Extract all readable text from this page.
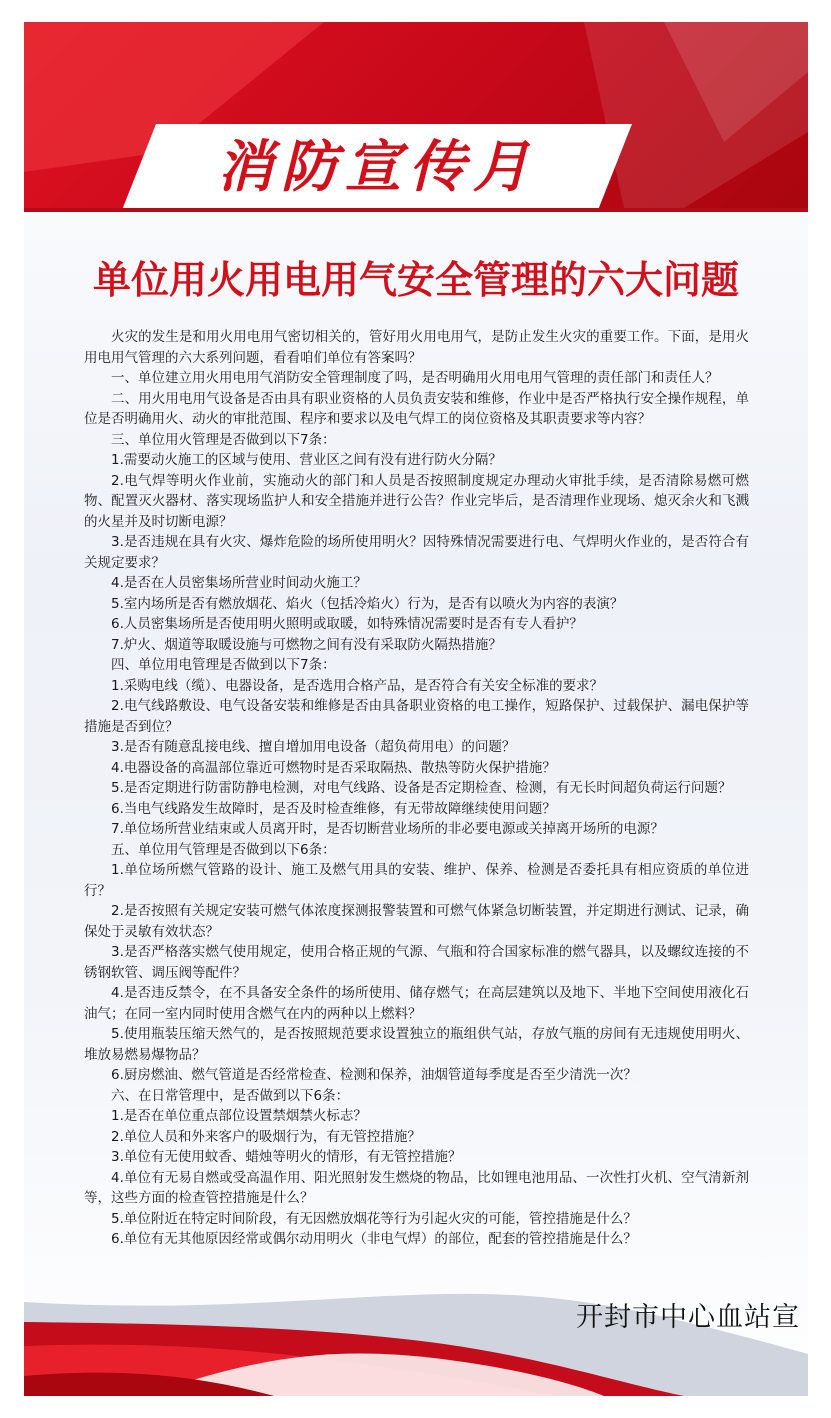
消防宣传月
单位用火用电用气安全管理的六大问题

火灾的发生是和用火用电用气密切相关的，管好用火用电用气，是防止发生火灾的重要工作。下面，是用火用电用气管理的六大系列问题，看看咱们单位有答案吗？

一、单位建立用火用电用气消防安全管理制度了吗，是否明确用火用电用气管理的责任部门和责任人？

二、用火用电用气设备是否由具有职业资格的人员负责安装和维修，作业中是否严格执行安全操作规程，单位是否明确用火、动火的审批范围、程序和要求以及电气焊工的岗位资格及其职责要求等内容？

三、单位用火管理是否做到以下7条：

1.需要动火施工的区域与使用、营业区之间有没有进行防火分隔？

2.电气焊等明火作业前，实施动火的部门和人员是否按照制度规定办理动火审批手续，是否清除易燃可燃物、配置灭火器材、落实现场监护人和安全措施并进行公告？作业完毕后，是否清理作业现场、熄灭余火和飞溅的火星并及时切断电源？

3.是否违规在具有火灾、爆炸危险的场所使用明火？因特殊情况需要进行电、气焊明火作业的，是否符合有关规定要求？

4.是否在人员密集场所营业时间动火施工？

5.室内场所是否有燃放烟花、焰火（包括冷焰火）行为，是否有以喷火为内容的表演？

6.人员密集场所是否使用明火照明或取暖，如特殊情况需要时是否有专人看护？

7.炉火、烟道等取暖设施与可燃物之间有没有采取防火隔热措施？

四、单位用电管理是否做到以下7条：

1.采购电线（缆）、电器设备，是否选用合格产品，是否符合有关安全标准的要求？

2.电气线路敷设、电气设备安装和维修是否由具备职业资格的电工操作，短路保护、过载保护、漏电保护等措施是否到位？

3.是否有随意乱接电线、擅自增加用电设备（超负荷用电）的问题？

4.电器设备的高温部位靠近可燃物时是否采取隔热、散热等防火保护措施？

5.是否定期进行防雷防静电检测，对电气线路、设备是否定期检查、检测，有无长时间超负荷运行问题？

6.当电气线路发生故障时，是否及时检查维修，有无带故障继续使用问题？

7.单位场所营业结束或人员离开时，是否切断营业场所的非必要电源或关掉离开场所的电源？

五、单位用气管理是否做到以下6条：

1.单位场所燃气管路的设计、施工及燃气用具的安装、维护、保养、检测是否委托具有相应资质的单位进行？

2.是否按照有关规定安装可燃气体浓度探测报警装置和可燃气体紧急切断装置，并定期进行测试、记录，确保处于灵敏有效状态？

3.是否严格落实燃气使用规定，使用合格正规的气源、气瓶和符合国家标准的燃气器具，以及螺纹连接的不锈钢软管、调压阀等配件？

4.是否违反禁令，在不具备安全条件的场所使用、储存燃气；在高层建筑以及地下、半地下空间使用液化石油气；在同一室内同时使用含燃气在内的两种以上燃料？

5.使用瓶装压缩天然气的，是否按照规范要求设置独立的瓶组供气站，存放气瓶的房间有无违规使用明火、堆放易燃易爆物品？

6.厨房燃油、燃气管道是否经常检查、检测和保养，油烟管道每季度是否至少清洗一次？

六、在日常管理中，是否做到以下6条：

1.是否在单位重点部位设置禁烟禁火标志？

2.单位人员和外来客户的吸烟行为，有无管控措施？

3.单位有无使用蚊香、蜡烛等明火的情形，有无管控措施？

4.单位有无易自燃或受高温作用、阳光照射发生燃烧的物品，比如锂电池用品、一次性打火机、空气清新剂等，这些方面的检查管控措施是什么？

5.单位附近在特定时间阶段，有无因燃放烟花等行为引起火灾的可能，管控措施是什么？

6.单位有无其他原因经常或偶尔动用明火（非电气焊）的部位，配套的管控措施是什么？

开封市中心血站宣
